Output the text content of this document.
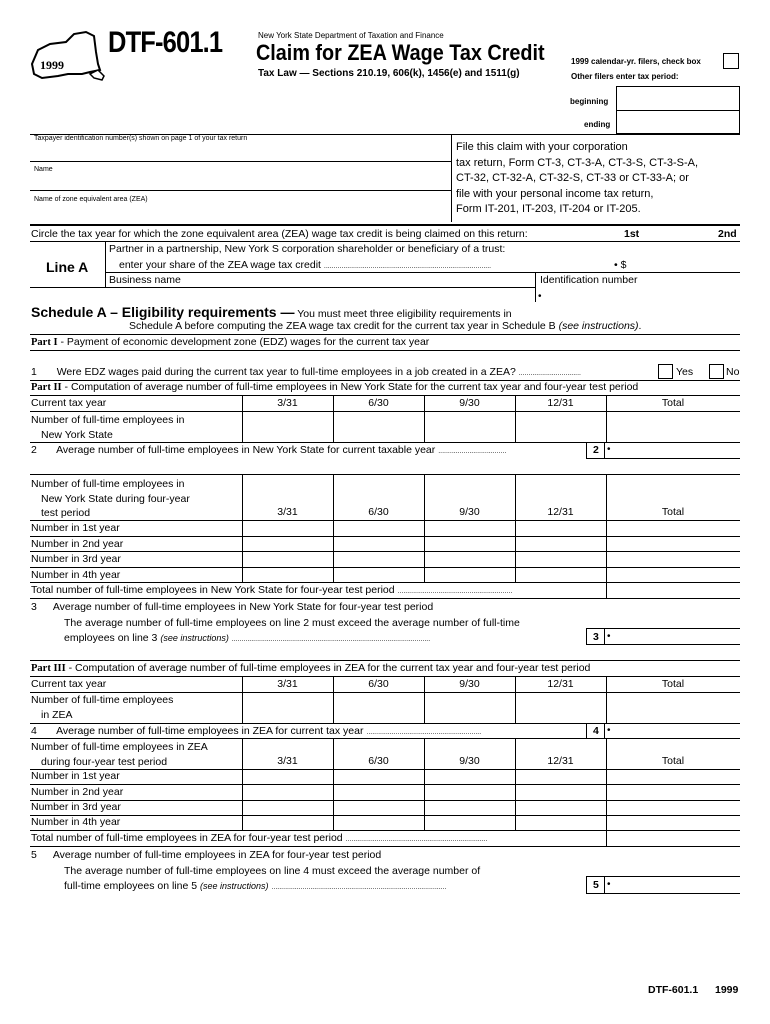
1999
DTF-601.1	New York State Department of Taxation and Finance
Claim for ZEA Wage Tax Credit
Tax Law — Sections 210.19, 606(k), 1456(e) and 1511(g)
1999 calendar-yr. filers, check box
Other filers enter tax period:
beginning
ending
Taxpayer identification number(s) shown on page 1 of your tax return
Name
Name of zone equivalent area (ZEA)
File this claim with your corporation
tax return, Form CT-3, CT-3-A, CT-3-S, CT-3-S-A,
CT-32, CT-32-A, CT-32-S, CT-33 or CT-33-A; or
file with your personal income tax return,
Form IT-201, IT-203, IT-204 or IT-205.
Circle the tax year for which the zone equivalent area (ZEA) wage tax credit is being claimed on this return:	1st	2nd
Line A
Partner in a partnership, New York S corporation shareholder or beneficiary of a trust:
enter your share of the ZEA wage tax credit ......................................................................................	• $
Business name	Identification number
•
Schedule A – Eligibility requirements — You must meet three eligibility requirements in
Schedule A before computing the ZEA wage tax credit for the current tax year in Schedule B (see instructions).
Part I - Payment of economic development zone (EDZ) wages for the current tax year
1 Were EDZ wages paid during the current tax year to full-time employees in a job created in a ZEA? ................................	Yes	No
Part II - Computation of average number of full-time employees in New York State for the current tax year and four-year test period
Current tax year	3/31	6/30	9/30	12/31	Total
Number of full-time employees in
New York State
2 Average number of full-time employees in New York State for current taxable year ...................................	2 •
Number of full-time employees in
New York State during four-year
test period	3/31	6/30	9/30	12/31	Total
Number in 1st year
Number in 2nd year
Number in 3rd year
Number in 4th year
Total number of full-time employees in New York State for four-year test period ...........................................................
3 Average number of full-time employees in New York State for four-year test period
The average number of full-time employees on line 2 must exceed the average number of full-time
employees on line 3 (see instructions) ......................................................................................................	3 •
Part III - Computation of average number of full-time employees in ZEA for the current tax year and four-year test period
Current tax year	3/31	6/30	9/30	12/31	Total
Number of full-time employees
in ZEA
4 Average number of full-time employees in ZEA for current tax year ...........................................................	4 •
Number of full-time employees in ZEA
during four-year test period	3/31	6/30	9/30	12/31	Total
Number in 1st year
Number in 2nd year
Number in 3rd year
Number in 4th year
Total number of full-time employees in ZEA for four-year test period .........................................................................
5 Average number of full-time employees in ZEA for four-year test period
The average number of full-time employees on line 4 must exceed the average number of
full-time employees on line 5 (see instructions) ..........................................................................................	5 •
DTF-601.1 1999
